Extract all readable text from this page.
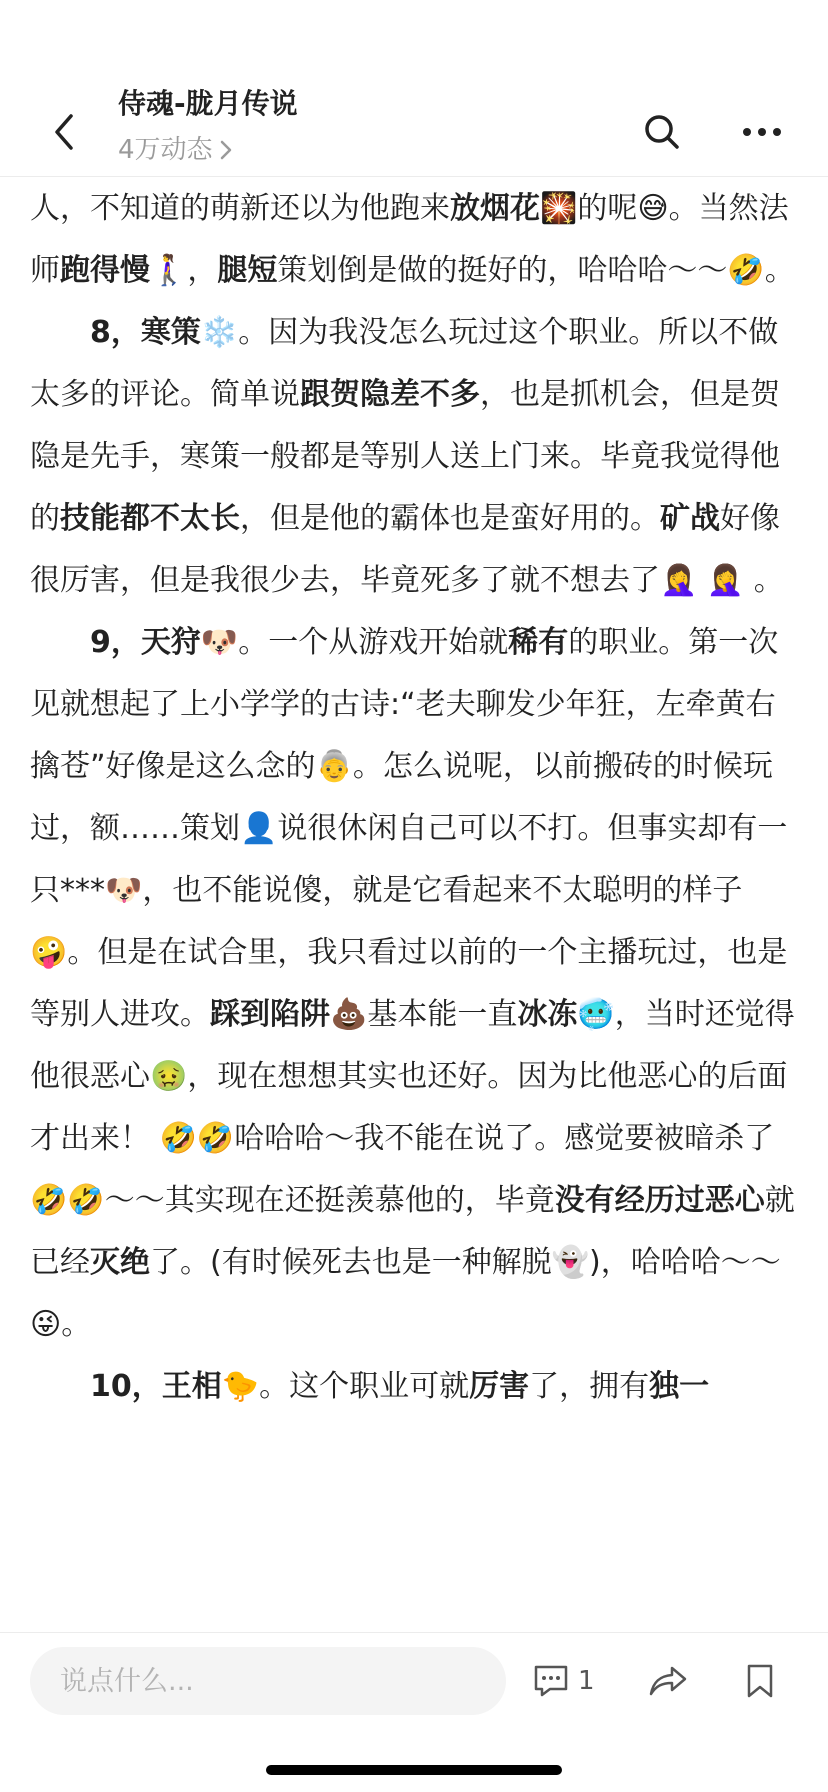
侍魂-胧月传说
4万动态

人，不知道的萌新还以为他跑来放烟花🎇的呢😅。当然法师跑得慢🚶‍♀️，腿短策划倒是做的挺好的，哈哈哈～～🤣。

8，寒策❄️。因为我没怎么玩过这个职业。所以不做太多的评论。简单说跟贺隐差不多，也是抓机会，但是贺隐是先手，寒策一般都是等别人送上门来。毕竟我觉得他的技能都不太长，但是他的霸体也是蛮好用的。矿战好像很厉害，但是我很少去，毕竟死多了就不想去了🤦‍♀️ 🤦‍♀️ 。

9，天狩🐶。一个从游戏开始就稀有的职业。第一次见就想起了上小学学的古诗:“老夫聊发少年狂，左牵黄右擒苍”好像是这么念的👵。怎么说呢，以前搬砖的时候玩过，额……策划👤说很休闲自己可以不打。但事实却有一只***🐶，也不能说傻，就是它看起来不太聪明的样子🤪。但是在试合里，我只看过以前的一个主播玩过，也是等别人进攻。踩到陷阱💩基本能一直冰冻🥶，当时还觉得他很恶心🤢，现在想想其实也还好。因为比他恶心的后面才出来！ 🤣🤣哈哈哈～我不能在说了。感觉要被暗杀了🤣🤣～～其实现在还挺羡慕他的，毕竟没有经历过恶心就已经灭绝了。(有时候死去也是一种解脱👻)，哈哈哈～～😜。

10，王相🐤。这个职业可就厉害了，拥有独一

说点什么...
1
